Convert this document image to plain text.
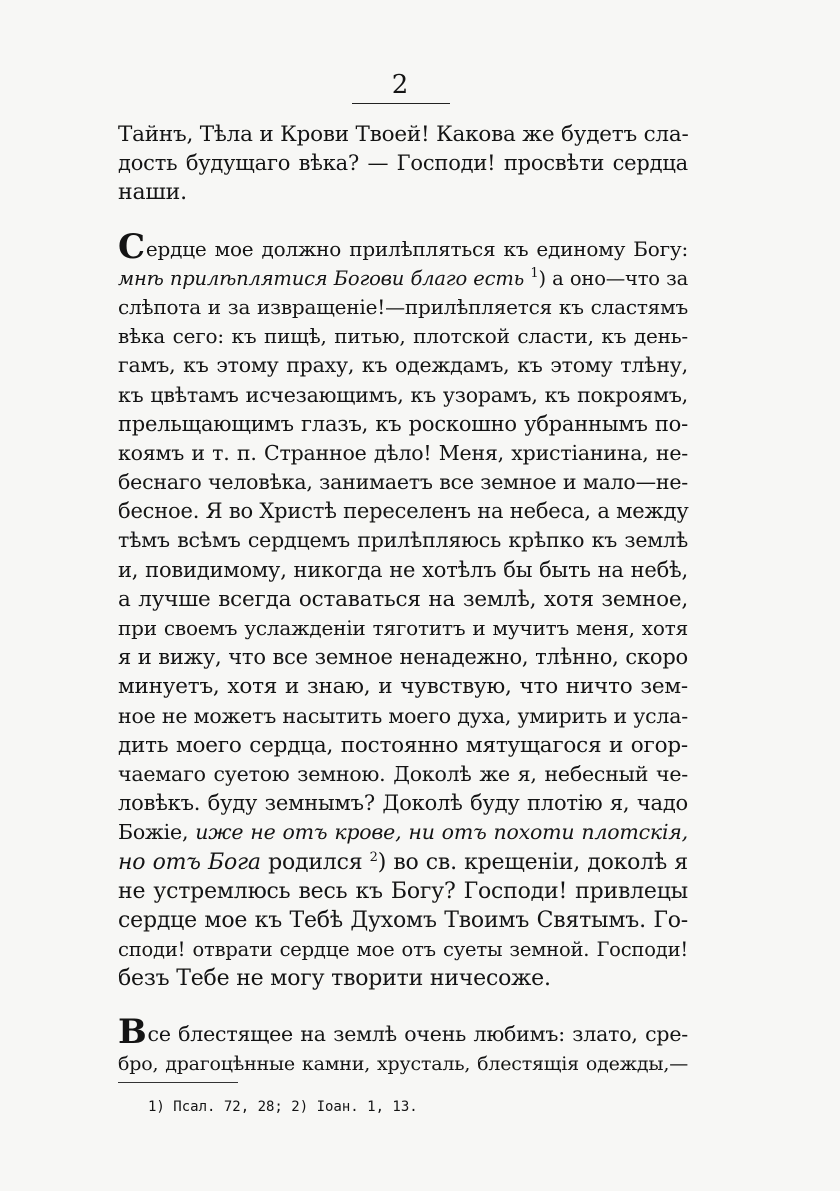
2
Тайнъ, Тѣла и Крови Твоей! Какова же будетъ сла-
дость будущаго вѣка? — Господи! просвѣти сердца
наши.
Сердце мое должно прилѣпляться къ единому Богу:
мнѣ прилѣплятися Богови благо есть $^1$) а оно—что за
слѣпота и за извращеніе!—прилѣпляется къ сластямъ
вѣка сего: къ пищѣ, питью, плотской сласти, къ день-
гамъ, къ этому праху, къ одеждамъ, къ этому тлѣну,
къ цвѣтамъ исчезающимъ, къ узорамъ, къ покроямъ,
прельщающимъ глазъ, къ роскошно убраннымъ по-
коямъ и т. п. Странное дѣло! Меня, христіанина, не-
беснаго человѣка, занимаетъ все земное и мало—не-
бесное. Я во Христѣ переселенъ на небеса, а между
тѣмъ всѣмъ сердцемъ прилѣпляюсь крѣпко къ землѣ
и, повидимому, никогда не хотѣлъ бы быть на небѣ,
а лучше всегда оставаться на землѣ, хотя земное,
при своемъ услажденіи тяготитъ и мучитъ меня, хотя
я и вижу, что все земное ненадежно, тлѣнно, скоро
минуетъ, хотя и знаю, и чувствую, что ничто зем-
ное не можетъ насытить моего духа, умирить и усла-
дить моего сердца, постоянно мятущагося и огор-
чаемаго суетою земною. Доколѣ же я, небесный че-
ловѣкъ. буду земнымъ? Доколѣ буду плотію я, чадо
Божіе, иже не отъ крове, ни отъ похоти плотскія,
но отъ Бога родился $^2$) во св. крещеніи, доколѣ я
не устремлюсь весь къ Богу? Господи! привлецы
сердце мое къ Тебѣ Духомъ Твоимъ Святымъ. Го-
споди! отврати сердце мое отъ суеты земной. Господи!
безъ Тебе не могу творити ничесоже.
Все блестящее на землѣ очень любимъ: злато, сре-
бро, драгоцѣнные камни, хрусталь, блестящія одежды,—
1) Псал. 72, 28; 2) Іоан. 1, 13.
